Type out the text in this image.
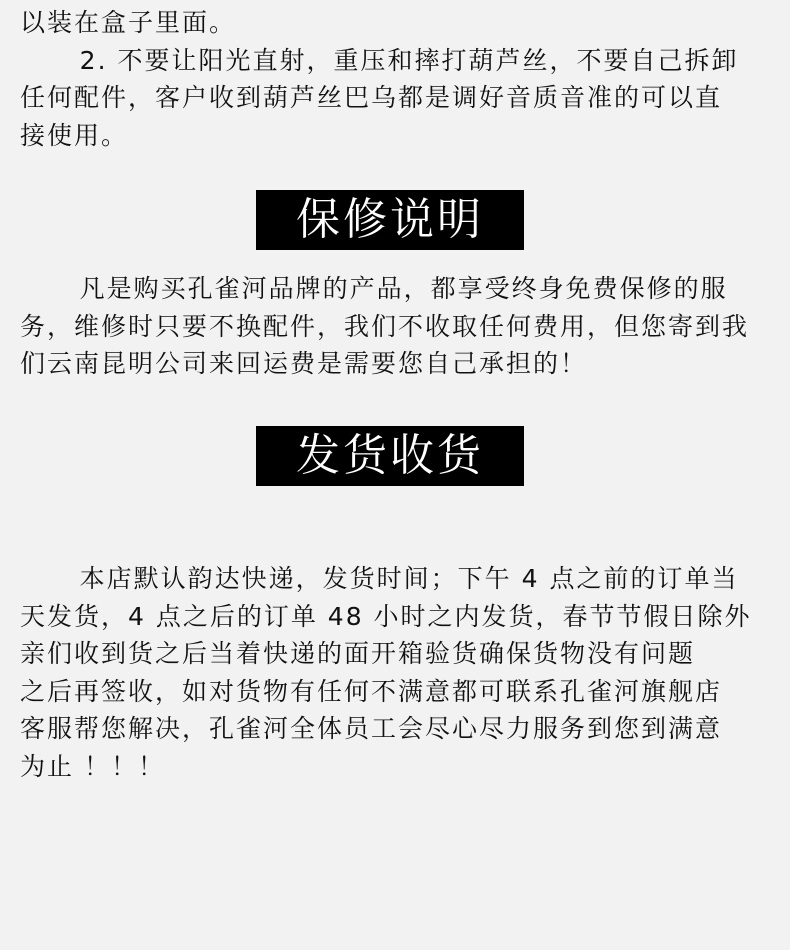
以装在盒子里面。
2. 不要让阳光直射，重压和摔打葫芦丝，不要自己拆卸
任何配件，客户收到葫芦丝巴乌都是调好音质音准的可以直
接使用。
保修说明
凡是购买孔雀河品牌的产品，都享受终身免费保修的服
务，维修时只要不换配件，我们不收取任何费用，但您寄到我
们云南昆明公司来回运费是需要您自己承担的！
发货收货
本店默认韵达快递，发货时间；下午 4 点之前的订单当
天发货，4 点之后的订单 48 小时之内发货，春节节假日除外
亲们收到货之后当着快递的面开箱验货确保货物没有问题
之后再签收，如对货物有任何不满意都可联系孔雀河旗舰店
客服帮您解决，孔雀河全体员工会尽心尽力服务到您到满意
为止 ！！！
